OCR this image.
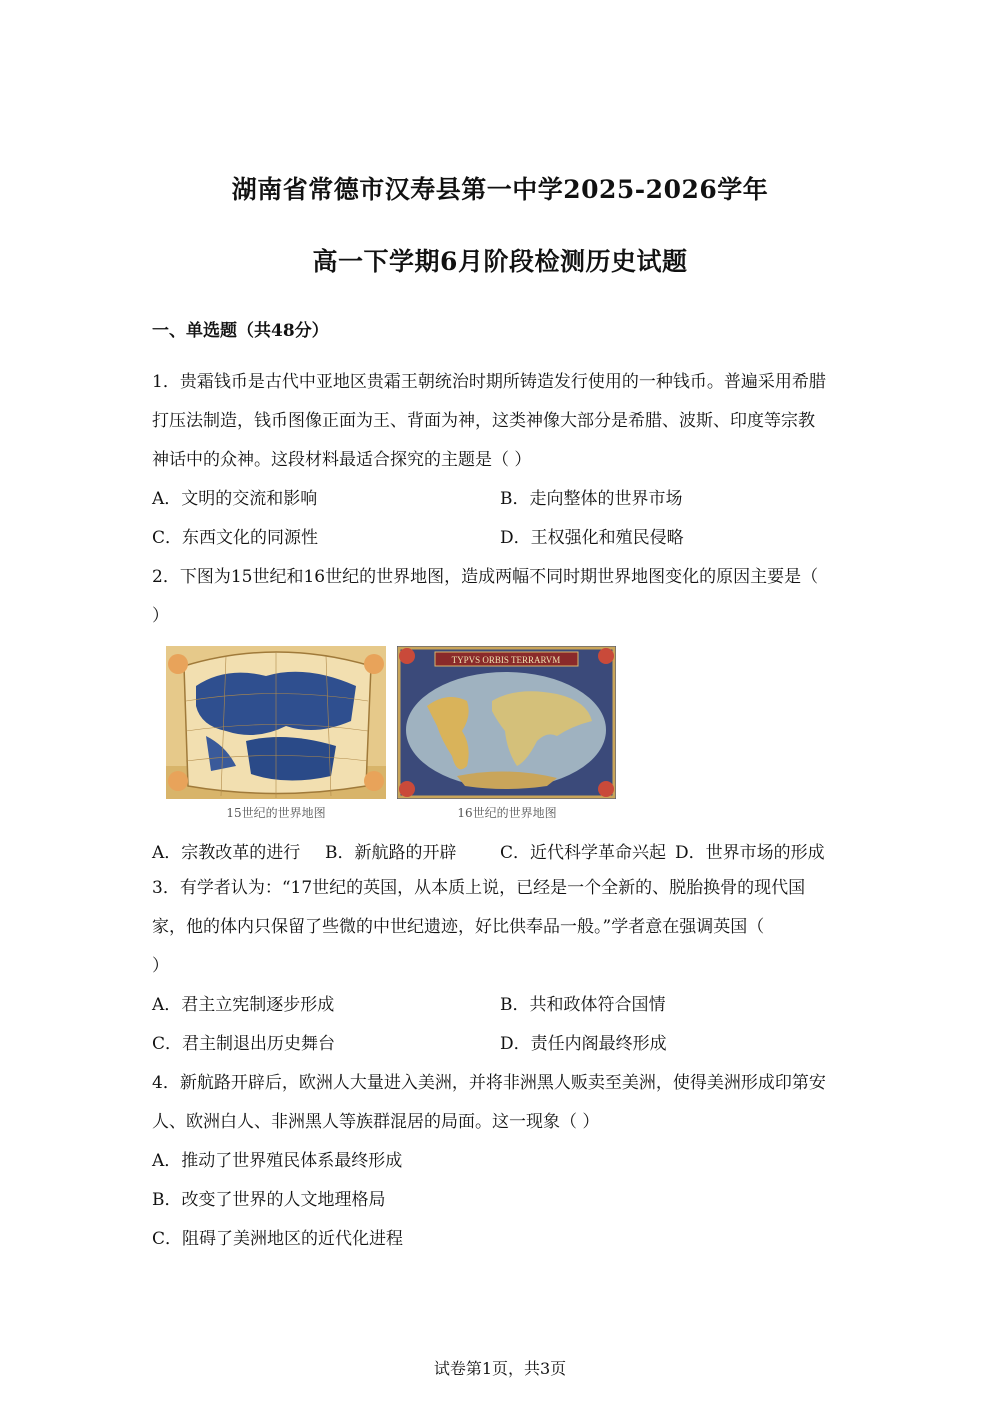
湖南省常德市汉寿县第一中学2025-2026学年
高一下学期6月阶段检测历史试题
一、单选题（共48分）

1．贵霜钱币是古代中亚地区贵霜王朝统治时期所铸造发行使用的一种钱币。普遍采用希腊

打压法制造，钱币图像正面为王、背面为神，这类神像大部分是希腊、波斯、印度等宗教

神话中的众神。这段材料最适合探究的主题是（ ）

A．文明的交流和影响	B．走向整体的世界市场

C．东西文化的同源性	D．王权强化和殖民侵略

2．下图为15世纪和16世纪的世界地图，造成两幅不同时期世界地图变化的原因主要是（

）

TYPVS ORBIS TERRARVM
15世纪的世界地图	16世纪的世界地图
A．宗教改革的进行 B．新航路的开辟	C．近代科学革命兴起 D．世界市场的形成

3．有学者认为：“17世纪的英国，从本质上说，已经是一个全新的、脱胎换骨的现代国

家，他的体内只保留了些微的中世纪遗迹，好比供奉品一般。”学者意在强调英国（

）

A．君主立宪制逐步形成	B．共和政体符合国情

C．君主制退出历史舞台	D．责任内阁最终形成

4．新航路开辟后，欧洲人大量进入美洲，并将非洲黑人贩卖至美洲，使得美洲形成印第安

人、欧洲白人、非洲黑人等族群混居的局面。这一现象（ ）

A．推动了世界殖民体系最终形成

B．改变了世界的人文地理格局

C．阻碍了美洲地区的近代化进程

试卷第1页，共3页
